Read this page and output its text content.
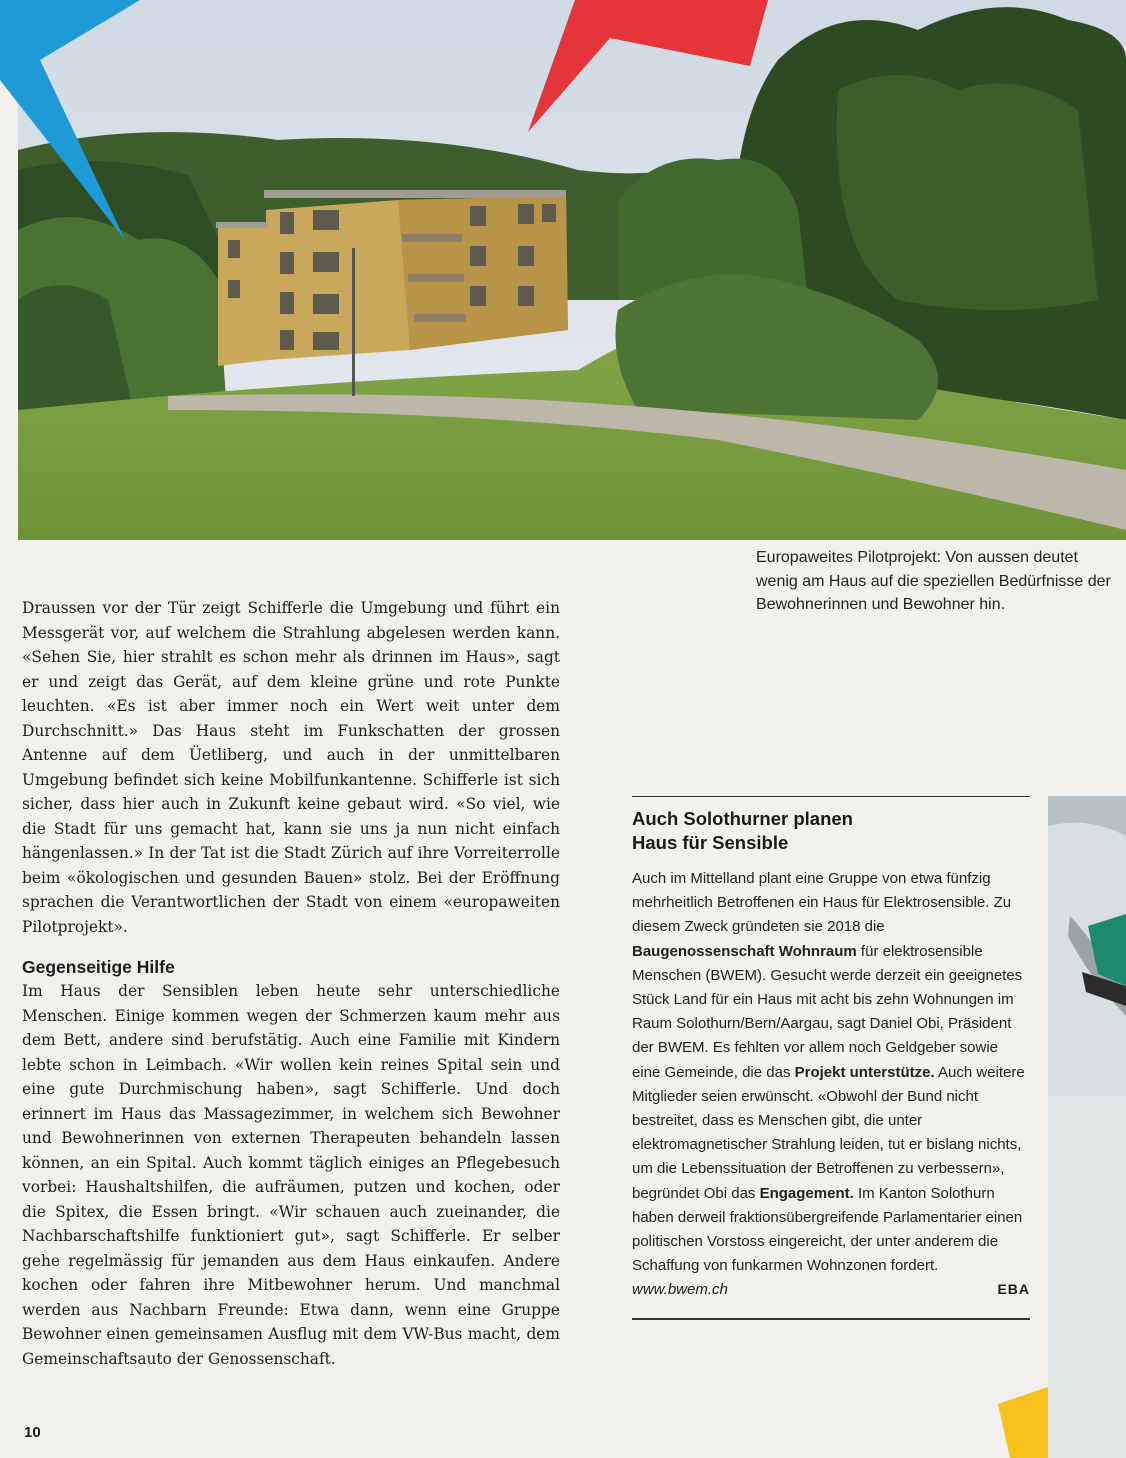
Europaweites Pilotprojekt: Von aussen deutet wenig am Haus auf die speziellen Bedürfnisse der Bewohnerinnen und Bewohner hin.

Draussen vor der Tür zeigt Schifferle die Umgebung und führt ein Messgerät vor, auf welchem die Strahlung abgelesen werden kann. «Sehen Sie, hier strahlt es schon mehr als drinnen im Haus», sagt er und zeigt das Gerät, auf dem kleine grüne und rote Punkte leuchten. «Es ist aber immer noch ein Wert weit unter dem Durchschnitt.» Das Haus steht im Funkschatten der grossen Antenne auf dem Üetliberg, und auch in der unmittelbaren Umgebung befindet sich keine Mobilfunkantenne. Schifferle ist sich sicher, dass hier auch in Zukunft keine gebaut wird. «So viel, wie die Stadt für uns gemacht hat, kann sie uns ja nun nicht einfach hängenlassen.» In der Tat ist die Stadt Zürich auf ihre Vorreiterrolle beim «ökologischen und gesunden Bauen» stolz. Bei der Eröffnung sprachen die Verantwortlichen der Stadt von einem «europaweiten Pilotprojekt».

Gegenseitige Hilfe

Im Haus der Sensiblen leben heute sehr unterschiedliche Menschen. Einige kommen wegen der Schmerzen kaum mehr aus dem Bett, andere sind berufstätig. Auch eine Familie mit Kindern lebte schon in Leimbach. «Wir wollen kein reines Spital sein und eine gute Durchmischung haben», sagt Schifferle. Und doch erinnert im Haus das Massagezimmer, in welchem sich Bewohner und Bewohnerinnen von externen Therapeuten behandeln lassen können, an ein Spital. Auch kommt täglich einiges an Pflegebesuch vorbei: Haushaltshilfen, die aufräumen, putzen und kochen, oder die Spitex, die Essen bringt. «Wir schauen auch zueinander, die Nachbarschaftshilfe funktioniert gut», sagt Schifferle. Er selber gehe regelmässig für jemanden aus dem Haus einkaufen. Andere kochen oder fahren ihre Mitbewohner herum. Und manchmal werden aus Nachbarn Freunde: Etwa dann, wenn eine Gruppe Bewohner einen gemeinsamen Ausflug mit dem VW-Bus macht, dem Gemeinschaftsauto der Genossenschaft.

Auch Solothurner planen
Haus für Sensible
Auch im Mittelland plant eine Gruppe von etwa fünfzig mehrheitlich Betroffenen ein Haus für Elektrosensible. Zu diesem Zweck gründeten sie 2018 die Baugenossenschaft Wohnraum für elektrosensible Menschen (BWEM). Gesucht werde derzeit ein geeignetes Stück Land für ein Haus mit acht bis zehn Wohnungen im Raum Solothurn/Bern/Aargau, sagt Daniel Obi, Präsident der BWEM. Es fehlten vor allem noch Geldgeber sowie eine Gemeinde, die das Projekt unterstütze. Auch weitere Mitglieder seien erwünscht. «Obwohl der Bund nicht bestreitet, dass es Menschen gibt, die unter elektromagnetischer Strahlung leiden, tut er bislang nichts, um die Lebenssituation der Betroffenen zu verbessern», begründet Obi das Engagement. Im Kanton Solothurn haben derweil fraktionsübergreifende Parlamentarier einen politischen Vorstoss eingereicht, der unter anderem die Schaffung von funkarmen Wohnzonen fordert.
www.bwem.ch	EBA
10
